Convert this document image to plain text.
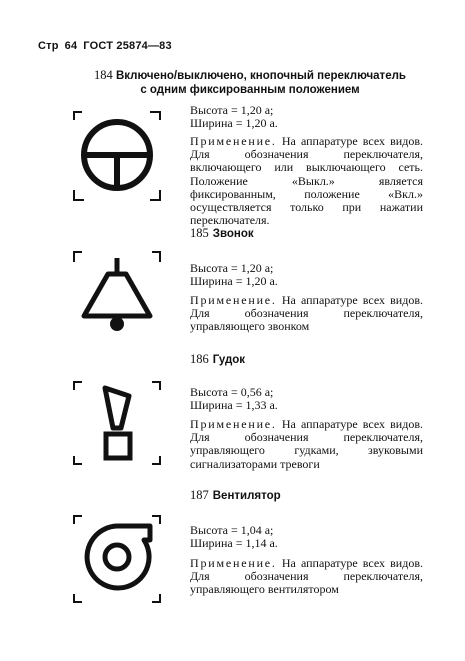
Стр 64 ГОСТ 25874—83
184 Включено/выключено, кнопочный переключатель
с одним фиксированным положением
Высота = 1,20 а;
Ширина = 1,20 а.
Применение. На аппаратуре всех видов. Для обозначения переключателя, включающего или выключающего сеть. Положение «Выкл.» является фиксированным, положение «Вкл.» осуществляется только при нажатии переключателя.
185 Звонок
Высота = 1,20 а;
Ширина = 1,20 а.
Применение. На аппаратуре всех видов. Для обозначения переключателя, управляющего звонком
186 Гудок
Высота = 0,56 а;
Ширина = 1,33 а.
Применение. На аппаратуре всех видов. Для обозначения переключателя, управляющего гудками, звуковыми сигнализаторами тревоги
187 Вентилятор
Высота = 1,04 а;
Ширина = 1,14 а.
Применение. На аппаратуре всех видов. Для обозначения переключателя, управляющего вентилятором
